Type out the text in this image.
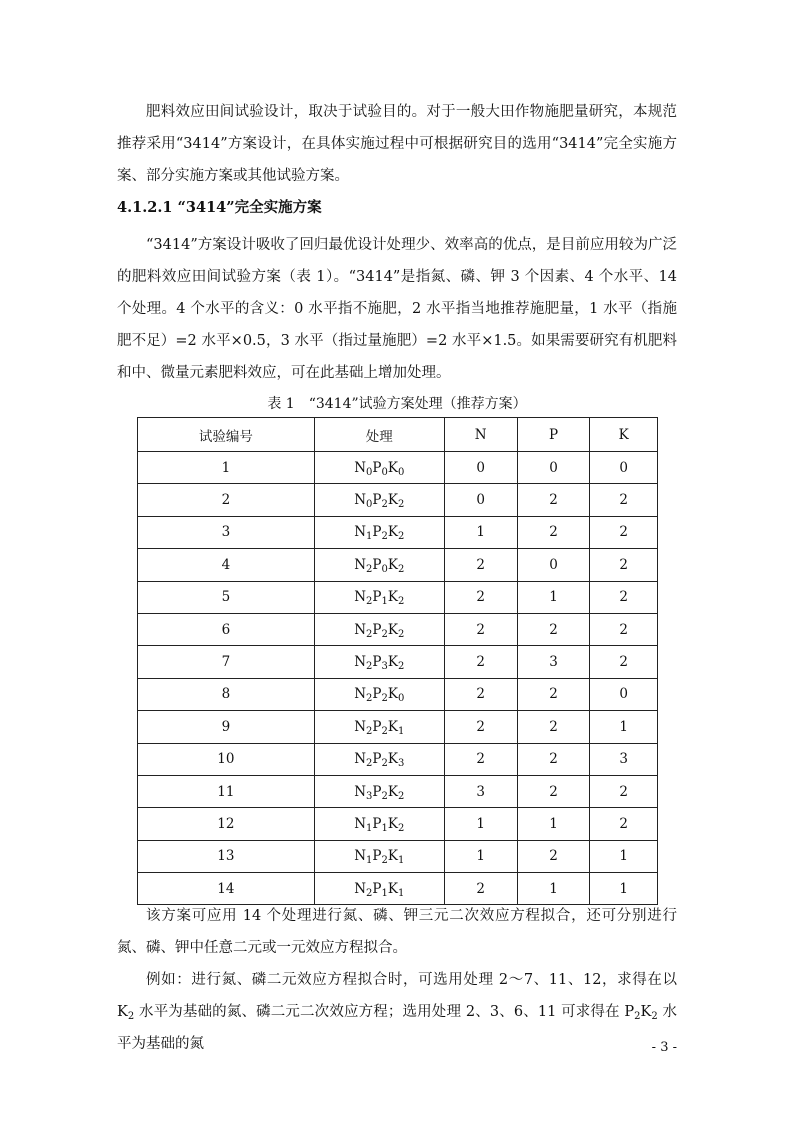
肥料效应田间试验设计，取决于试验目的。对于一般大田作物施肥量研究，本规范推荐采用“3414”方案设计，在具体实施过程中可根据研究目的选用“3414”完全实施方案、部分实施方案或其他试验方案。

4.1.2.1 “3414”完全实施方案

“3414”方案设计吸收了回归最优设计处理少、效率高的优点，是目前应用较为广泛的肥料效应田间试验方案（表 1）。“3414”是指氮、磷、钾 3 个因素、4 个水平、14 个处理。4 个水平的含义：0 水平指不施肥，2 水平指当地推荐施肥量，1 水平（指施肥不足）=2 水平×0.5，3 水平（指过量施肥）=2 水平×1.5。如果需要研究有机肥料和中、微量元素肥料效应，可在此基础上增加处理。

表 1　“3414”试验方案处理（推荐方案）
试验编号	处理	N	P	K
1	$N_0P_0K_0$	0	0	0
2	$N_0P_2K_2$	0	2	2
3	$N_1P_2K_2$	1	2	2
4	$N_2P_0K_2$	2	0	2
5	$N_2P_1K_2$	2	1	2
6	$N_2P_2K_2$	2	2	2
7	$N_2P_3K_2$	2	3	2
8	$N_2P_2K_0$	2	2	0
9	$N_2P_2K_1$	2	2	1
10	$N_2P_2K_3$	2	2	3
11	$N_3P_2K_2$	3	2	2
12	$N_1P_1K_2$	1	1	2
13	$N_1P_2K_1$	1	2	1
14	$N_2P_1K_1$	2	1	1

该方案可应用 14 个处理进行氮、磷、钾三元二次效应方程拟合，还可分别进行氮、磷、钾中任意二元或一元效应方程拟合。

例如：进行氮、磷二元效应方程拟合时，可选用处理 2～7、11、12，求得在以 $K_2$ 水平为基础的氮、磷二元二次效应方程；选用处理 2、3、6、11 可求得在 $P_2K_2$ 水平为基础的氮	- 3 -
